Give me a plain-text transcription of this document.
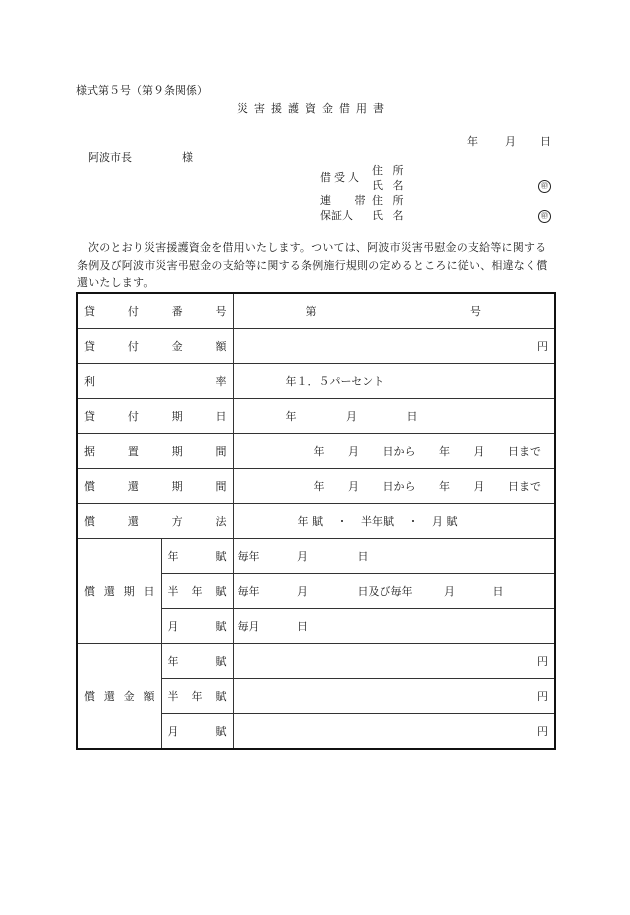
様式第５号（第９条関係）
災害援護資金借用書
年 月 日
阿波市長	様
借受人
住 所
氏 名	㊞
連 帯
住 所
保証人 氏 名	㊞
次のとおり災害援護資金を借用いたします。ついては、阿波市災害弔慰金の支給等に関する条例及び阿波市災害弔慰金の支給等に関する条例施行規則の定めるところに従い、相違なく償還いたします。
貸 付 番 号		第 号

貸 付 金 額		円

利 率		年１．５パーセント

貸 付 期 日		年 月 日

据 置 期 間		年 月 日から 年 月 日まで

償 還 期 間		年 月 日から 年 月 日まで

償 還 方 法		年 賦 ・ 半年賦 ・ 月 賦

償 還 期 日	年 賦	毎年 月 日

	半 年 賦	毎年 月 日及び毎年 月 日

	月 賦	毎月 日

償 還 金 額	年 賦	円

	半 年 賦	円

	月 賦	円
